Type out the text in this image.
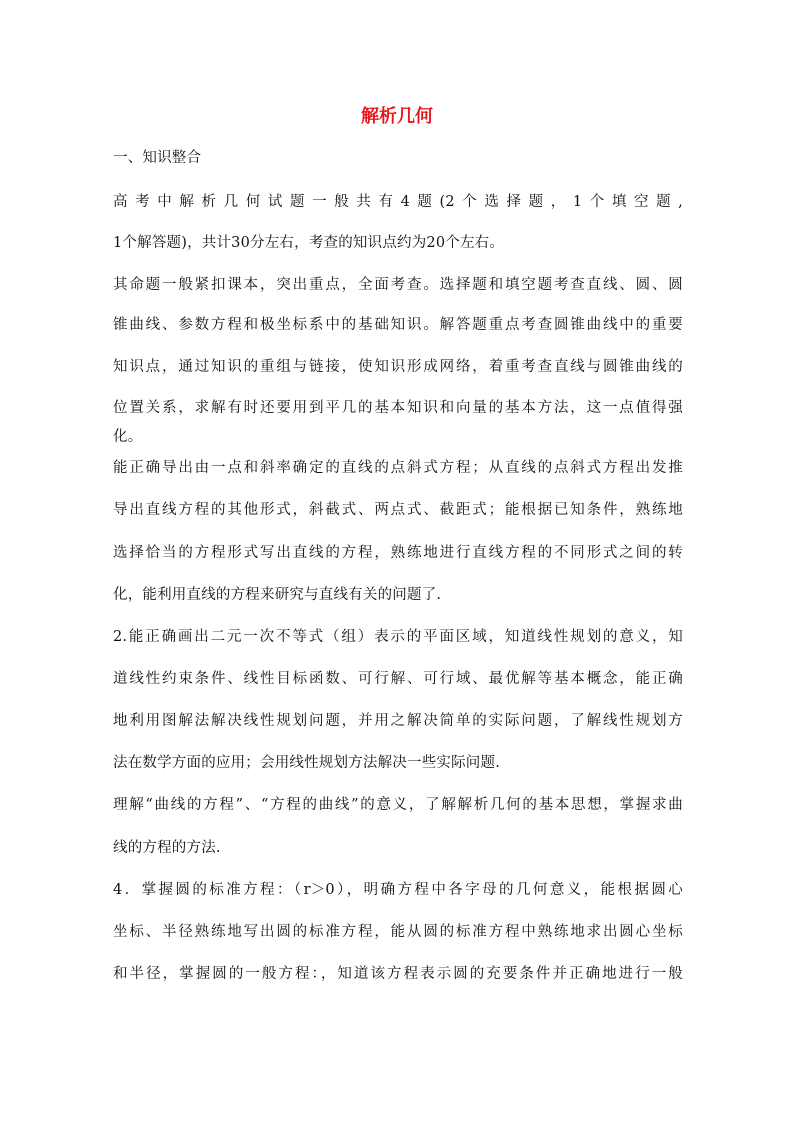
解析几何
一、知识整合
高考中解析几何试题一般共有4题(2个选择题，1个填空题,
1个解答题)，共计30分左右，考查的知识点约为20个左右。
其命题一般紧扣课本，突出重点，全面考查。选择题和填空题考查直线、圆、圆
锥曲线、参数方程和极坐标系中的基础知识。解答题重点考查圆锥曲线中的重要
知识点，通过知识的重组与链接，使知识形成网络，着重考查直线与圆锥曲线的
位置关系，求解有时还要用到平几的基本知识和向量的基本方法，这一点值得强
化。
能正确导出由一点和斜率确定的直线的点斜式方程；从直线的点斜式方程出发推
导出直线方程的其他形式，斜截式、两点式、截距式；能根据已知条件，熟练地
选择恰当的方程形式写出直线的方程，熟练地进行直线方程的不同形式之间的转
化，能利用直线的方程来研究与直线有关的问题了.
2.能正确画出二元一次不等式（组）表示的平面区域，知道线性规划的意义，知
道线性约束条件、线性目标函数、可行解、可行域、最优解等基本概念，能正确
地利用图解法解决线性规划问题，并用之解决简单的实际问题，了解线性规划方
法在数学方面的应用；会用线性规划方法解决一些实际问题.
理解“曲线的方程”、“方程的曲线”的意义，了解解析几何的基本思想，掌握求曲
线的方程的方法.
4．掌握圆的标准方程：（r＞0），明确方程中各字母的几何意义，能根据圆心
坐标、半径熟练地写出圆的标准方程，能从圆的标准方程中熟练地求出圆心坐标
和半径，掌握圆的一般方程：，知道该方程表示圆的充要条件并正确地进行一般
